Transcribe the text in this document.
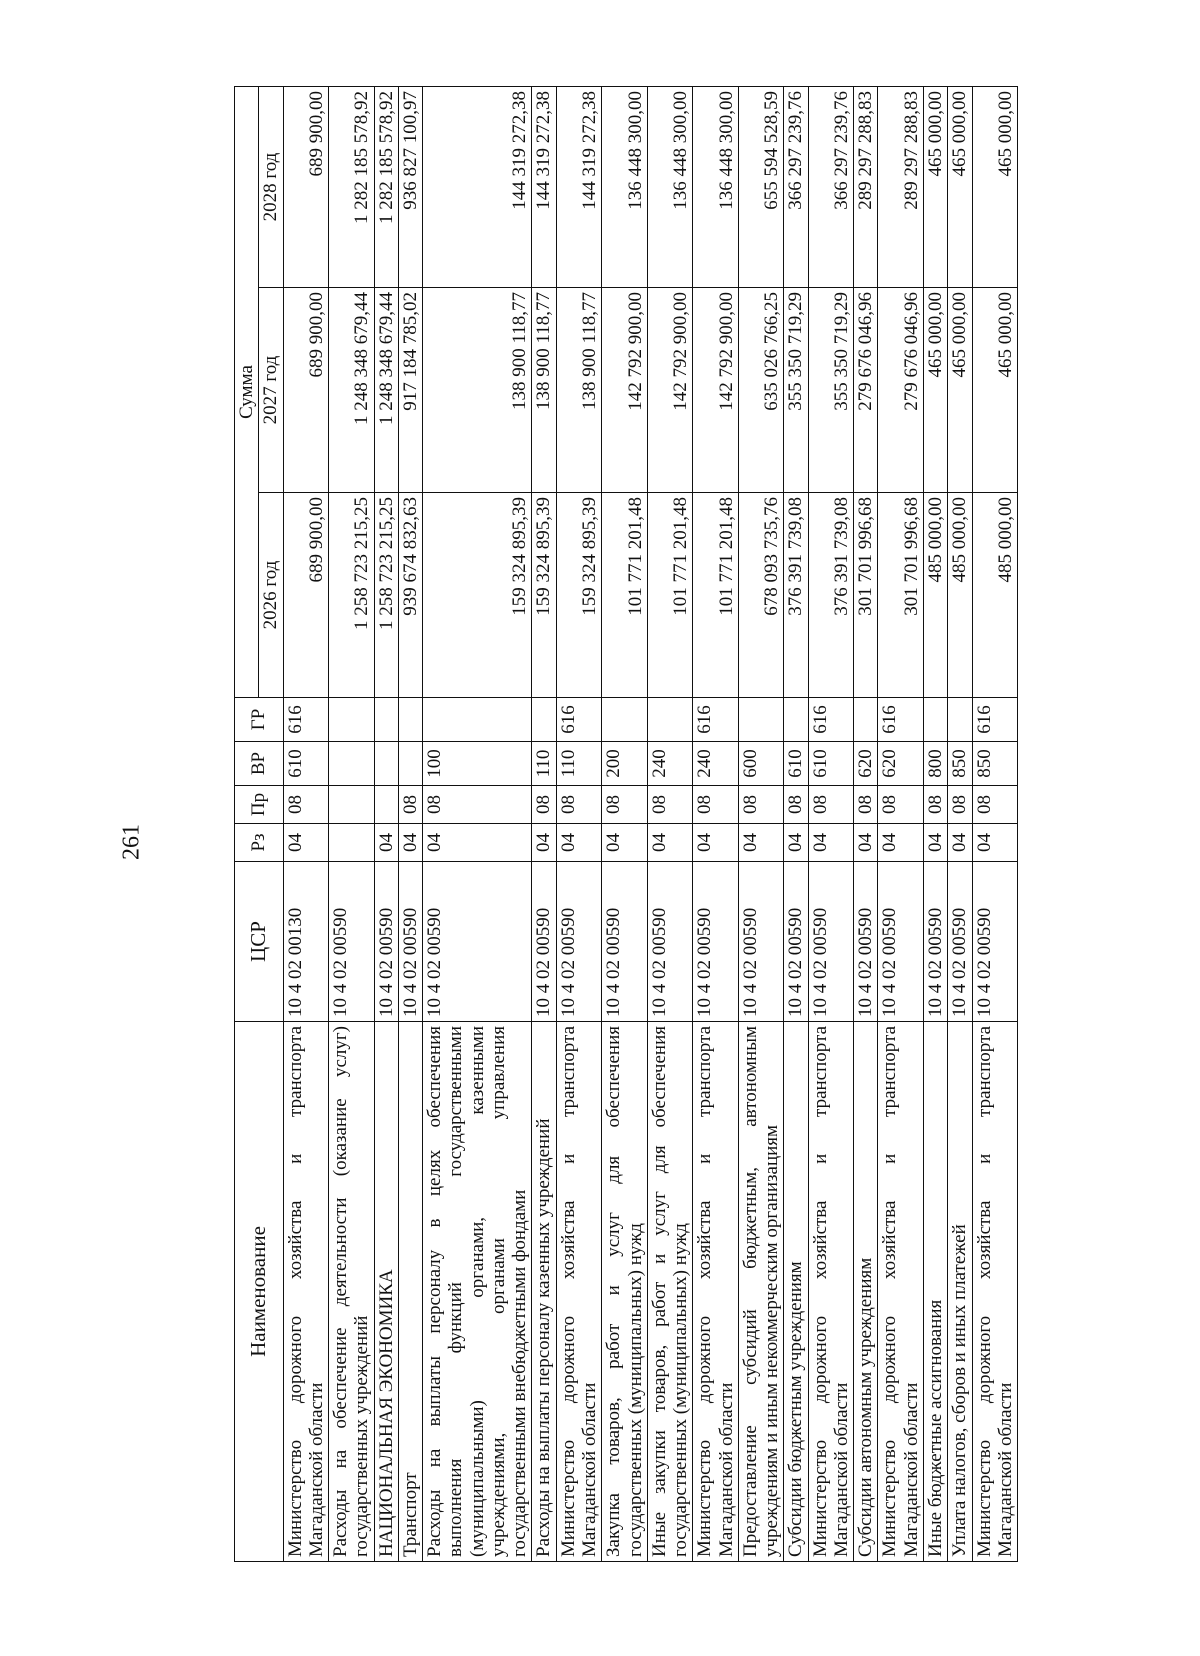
261
Наименование	ЦСР	Рз	Пр	ВР	ГР	Сумма		
						2026 год	2027 год	2028 год

Министерство дорожного хозяйства и транспорта Магаданской области	10 4 02 00130	04	08	610	616	689 900,00	689 900,00	689 900,00

Расходы на обеспечение деятельности (оказание услуг) государственных учреждений	10 4 02 00590					1 258 723 215,25	1 248 348 679,44	1 282 185 578,92

НАЦИОНАЛЬНАЯ ЭКОНОМИКА	10 4 02 00590	04				1 258 723 215,25	1 248 348 679,44	1 282 185 578,92

Транспорт	10 4 02 00590	04	08			939 674 832,63	917 184 785,02	936 827 100,97

Расходы на выплаты персоналу в целях обеспечения выполнения функций государственными (муниципальными) органами, казенными учреждениями, органами управления государственными внебюджетными фондами	10 4 02 00590	04	08	100		159 324 895,39	138 900 118,77	144 319 272,38

Расходы на выплаты персоналу казенных учреждений	10 4 02 00590	04	08	110		159 324 895,39	138 900 118,77	144 319 272,38

Министерство дорожного хозяйства и транспорта Магаданской области	10 4 02 00590	04	08	110	616	159 324 895,39	138 900 118,77	144 319 272,38

Закупка товаров, работ и услуг для обеспечения государственных (муниципальных) нужд	10 4 02 00590	04	08	200		101 771 201,48	142 792 900,00	136 448 300,00

Иные закупки товаров, работ и услуг для обеспечения государственных (муниципальных) нужд	10 4 02 00590	04	08	240		101 771 201,48	142 792 900,00	136 448 300,00

Министерство дорожного хозяйства и транспорта Магаданской области	10 4 02 00590	04	08	240	616	101 771 201,48	142 792 900,00	136 448 300,00

Предоставление субсидий бюджетным, автономным учреждениям и иным некоммерческим организациям	10 4 02 00590	04	08	600		678 093 735,76	635 026 766,25	655 594 528,59

Субсидии бюджетным учреждениям	10 4 02 00590	04	08	610		376 391 739,08	355 350 719,29	366 297 239,76

Министерство дорожного хозяйства и транспорта Магаданской области	10 4 02 00590	04	08	610	616	376 391 739,08	355 350 719,29	366 297 239,76

Субсидии автономным учреждениям	10 4 02 00590	04	08	620		301 701 996,68	279 676 046,96	289 297 288,83

Министерство дорожного хозяйства и транспорта Магаданской области	10 4 02 00590	04	08	620	616	301 701 996,68	279 676 046,96	289 297 288,83

Иные бюджетные ассигнования	10 4 02 00590	04	08	800		485 000,00	465 000,00	465 000,00

Уплата налогов, сборов и иных платежей	10 4 02 00590	04	08	850		485 000,00	465 000,00	465 000,00

Министерство дорожного хозяйства и транспорта Магаданской области	10 4 02 00590	04	08	850	616	485 000,00	465 000,00	465 000,00
